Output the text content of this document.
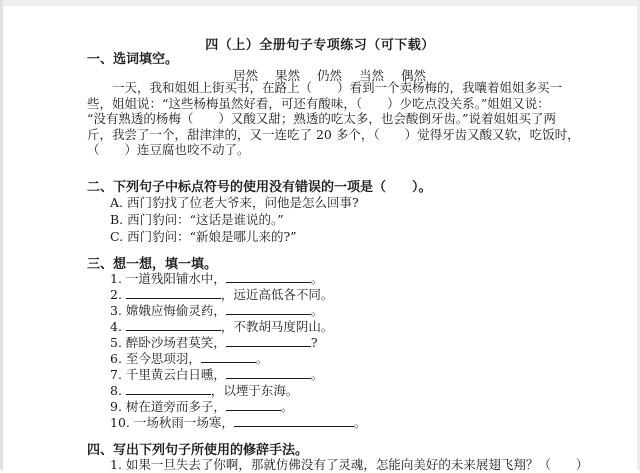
四（上）全册句子专项练习（可下载）
一、选词填空。
居然 果然 仍然 当然 偶然
　　一天，我和姐姐上街买书，在路上（　　）看到一个卖杨梅的，我嚷着姐姐多买一
些，姐姐说：“这些杨梅虽然好看，可还有酸味，（　　）少吃点没关系。”姐姐又说：
“没有熟透的杨梅（　　）又酸又甜；熟透的吃太多，也会酸倒牙齿。”说着姐姐买了两
斤，我尝了一个，甜津津的，又一连吃了 20 多个，（　　）觉得牙齿又酸又软，吃饭时，
（　　）连豆腐也咬不动了。
二、下列句子中标点符号的使用没有错误的一项是（　　）。
A. 西门豹找了位老大爷来，问他是怎么回事?
B. 西门豹问：“这话是谁说的。”
C. 西门豹问：“新娘是哪儿来的?”
三、想一想，填一填。
1. 一道残阳铺水中，	。
2.	，远近高低各不同。
3. 嫦娥应悔偷灵药，	。
4.	，不教胡马度阴山。
5. 醉卧沙场君莫笑，	?
6. 至今思项羽，	。
7. 千里黄云白日曛，	。
8.	，以堙于东海。
9. 树在道旁而多子，	。
10. 一场秋雨一场寒，	。
四、写出下列句子所使用的修辞手法。
1. 如果一旦失去了你啊，那就仿佛没有了灵魂，怎能向美好的未来展翅飞翔？（　　）
